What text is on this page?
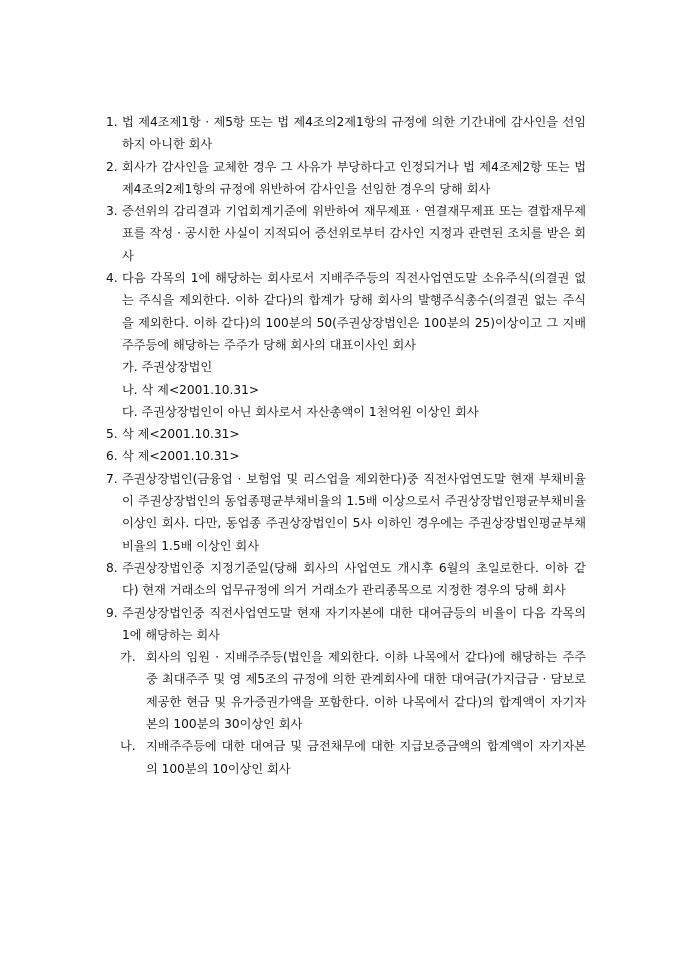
1. 법 제4조제1항 · 제5항 또는 법 제4조의2제1항의 규정에 의한 기간내에 감사인을 선임하지 아니한 회사
2. 회사가 감사인을 교체한 경우 그 사유가 부당하다고 인정되거나 법 제4조제2항 또는 법 제4조의2제1항의 규정에 위반하여 감사인을 선임한 경우의 당해 회사
3. 증선위의 감리결과 기업회계기준에 위반하여 재무제표 · 연결재무제표 또는 결합재무제표를 작성 · 공시한 사실이 지적되어 증선위로부터 감사인 지정과 관련된 조치를 받은 회사
4. 다음 각목의 1에 해당하는 회사로서 지배주주등의 직전사업연도말 소유주식(의결권 없는 주식을 제외한다. 이하 같다)의 합계가 당해 회사의 발행주식총수(의결권 없는 주식을 제외한다. 이하 같다)의 100분의 50(주권상장법인은 100분의 25)이상이고 그 지배주주등에 해당하는 주주가 당해 회사의 대표이사인 회사
가. 주권상장법인
나. 삭 제<2001.10.31>
다. 주권상장법인이 아닌 회사로서 자산총액이 1천억원 이상인 회사
5. 삭 제<2001.10.31>
6. 삭 제<2001.10.31>
7. 주권상장법인(금융업 · 보험업 및 리스업을 제외한다)중 직전사업연도말 현재 부채비율이 주권상장법인의 동업종평균부채비율의 1.5배 이상으로서 주권상장법인평균부채비율 이상인 회사. 다만, 동업종 주권상장법인이 5사 이하인 경우에는 주권상장법인평균부채비율의 1.5배 이상인 회사
8. 주권상장법인중 지정기준일(당해 회사의 사업연도 개시후 6월의 초일로한다. 이하 같다) 현재 거래소의 업무규정에 의거 거래소가 관리종목으로 지정한 경우의 당해 회사
9. 주권상장법인중 직전사업연도말 현재 자기자본에 대한 대여금등의 비율이 다음 각목의 1에 해당하는 회사
가. 회사의 임원 · 지배주주등(법인을 제외한다. 이하 나목에서 같다)에 해당하는 주주중 최대주주 및 영 제5조의 규정에 의한 관계회사에 대한 대여금(가지급금 · 담보로 제공한 현금 및 유가증권가액을 포함한다. 이하 나목에서 같다)의 합계액이 자기자본의 100분의 30이상인 회사
나. 지배주주등에 대한 대여금 및 금전채무에 대한 지급보증금액의 합계액이 자기자본의 100분의 10이상인 회사
